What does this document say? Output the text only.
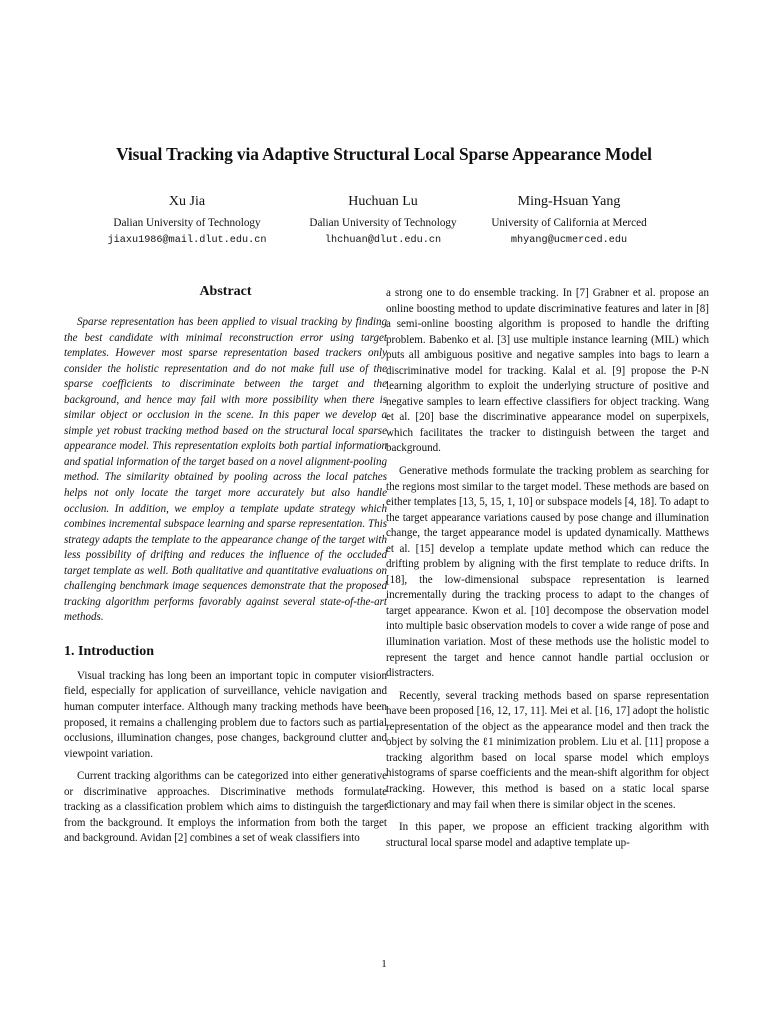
Visual Tracking via Adaptive Structural Local Sparse Appearance Model
Xu Jia
Dalian University of Technology
jiaxu1986@mail.dlut.edu.cn
Huchuan Lu
Dalian University of Technology
lhchuan@dlut.edu.cn
Ming-Hsuan Yang
University of California at Merced
mhyang@ucmerced.edu
Abstract

Sparse representation has been applied to visual tracking by finding the best candidate with minimal reconstruction error using target templates. However most sparse representation based trackers only consider the holistic representation and do not make full use of the sparse coefficients to discriminate between the target and the background, and hence may fail with more possibility when there is similar object or occlusion in the scene. In this paper we develop a simple yet robust tracking method based on the structural local sparse appearance model. This representation exploits both partial information and spatial information of the target based on a novel alignment-pooling method. The similarity obtained by pooling across the local patches helps not only locate the target more accurately but also handle occlusion. In addition, we employ a template update strategy which combines incremental subspace learning and sparse representation. This strategy adapts the template to the appearance change of the target with less possibility of drifting and reduces the influence of the occluded target template as well. Both qualitative and quantitative evaluations on challenging benchmark image sequences demonstrate that the proposed tracking algorithm performs favorably against several state-of-the-art methods.

1. Introduction

Visual tracking has long been an important topic in computer vision field, especially for application of surveillance, vehicle navigation and human computer interface. Although many tracking methods have been proposed, it remains a challenging problem due to factors such as partial occlusions, illumination changes, pose changes, background clutter and viewpoint variation.

Current tracking algorithms can be categorized into either generative or discriminative approaches. Discriminative methods formulate tracking as a classification problem which aims to distinguish the target from the background. It employs the information from both the target and background. Avidan [2] combines a set of weak classifiers into

a strong one to do ensemble tracking. In [7] Grabner et al. propose an online boosting method to update discriminative features and later in [8] a semi-online boosting algorithm is proposed to handle the drifting problem. Babenko et al. [3] use multiple instance learning (MIL) which puts all ambiguous positive and negative samples into bags to learn a discriminative model for tracking. Kalal et al. [9] propose the P-N learning algorithm to exploit the underlying structure of positive and negative samples to learn effective classifiers for object tracking. Wang et al. [20] base the discriminative appearance model on superpixels, which facilitates the tracker to distinguish between the target and background.

Generative methods formulate the tracking problem as searching for the regions most similar to the target model. These methods are based on either templates [13, 5, 15, 1, 10] or subspace models [4, 18]. To adapt to the target appearance variations caused by pose change and illumination change, the target appearance model is updated dynamically. Matthews et al. [15] develop a template update method which can reduce the drifting problem by aligning with the first template to reduce drifts. In [18], the low-dimensional subspace representation is learned incrementally during the tracking process to adapt to the changes of target appearance. Kwon et al. [10] decompose the observation model into multiple basic observation models to cover a wide range of pose and illumination variation. Most of these methods use the holistic model to represent the target and hence cannot handle partial occlusion or distracters.

Recently, several tracking methods based on sparse representation have been proposed [16, 12, 17, 11]. Mei et al. [16, 17] adopt the holistic representation of the object as the appearance model and then track the object by solving the ℓ1 minimization problem. Liu et al. [11] propose a tracking algorithm based on local sparse model which employs histograms of sparse coefficients and the mean-shift algorithm for object tracking. However, this method is based on a static local sparse dictionary and may fail when there is similar object in the scenes.

In this paper, we propose an efficient tracking algorithm with structural local sparse model and adaptive template up-

1
